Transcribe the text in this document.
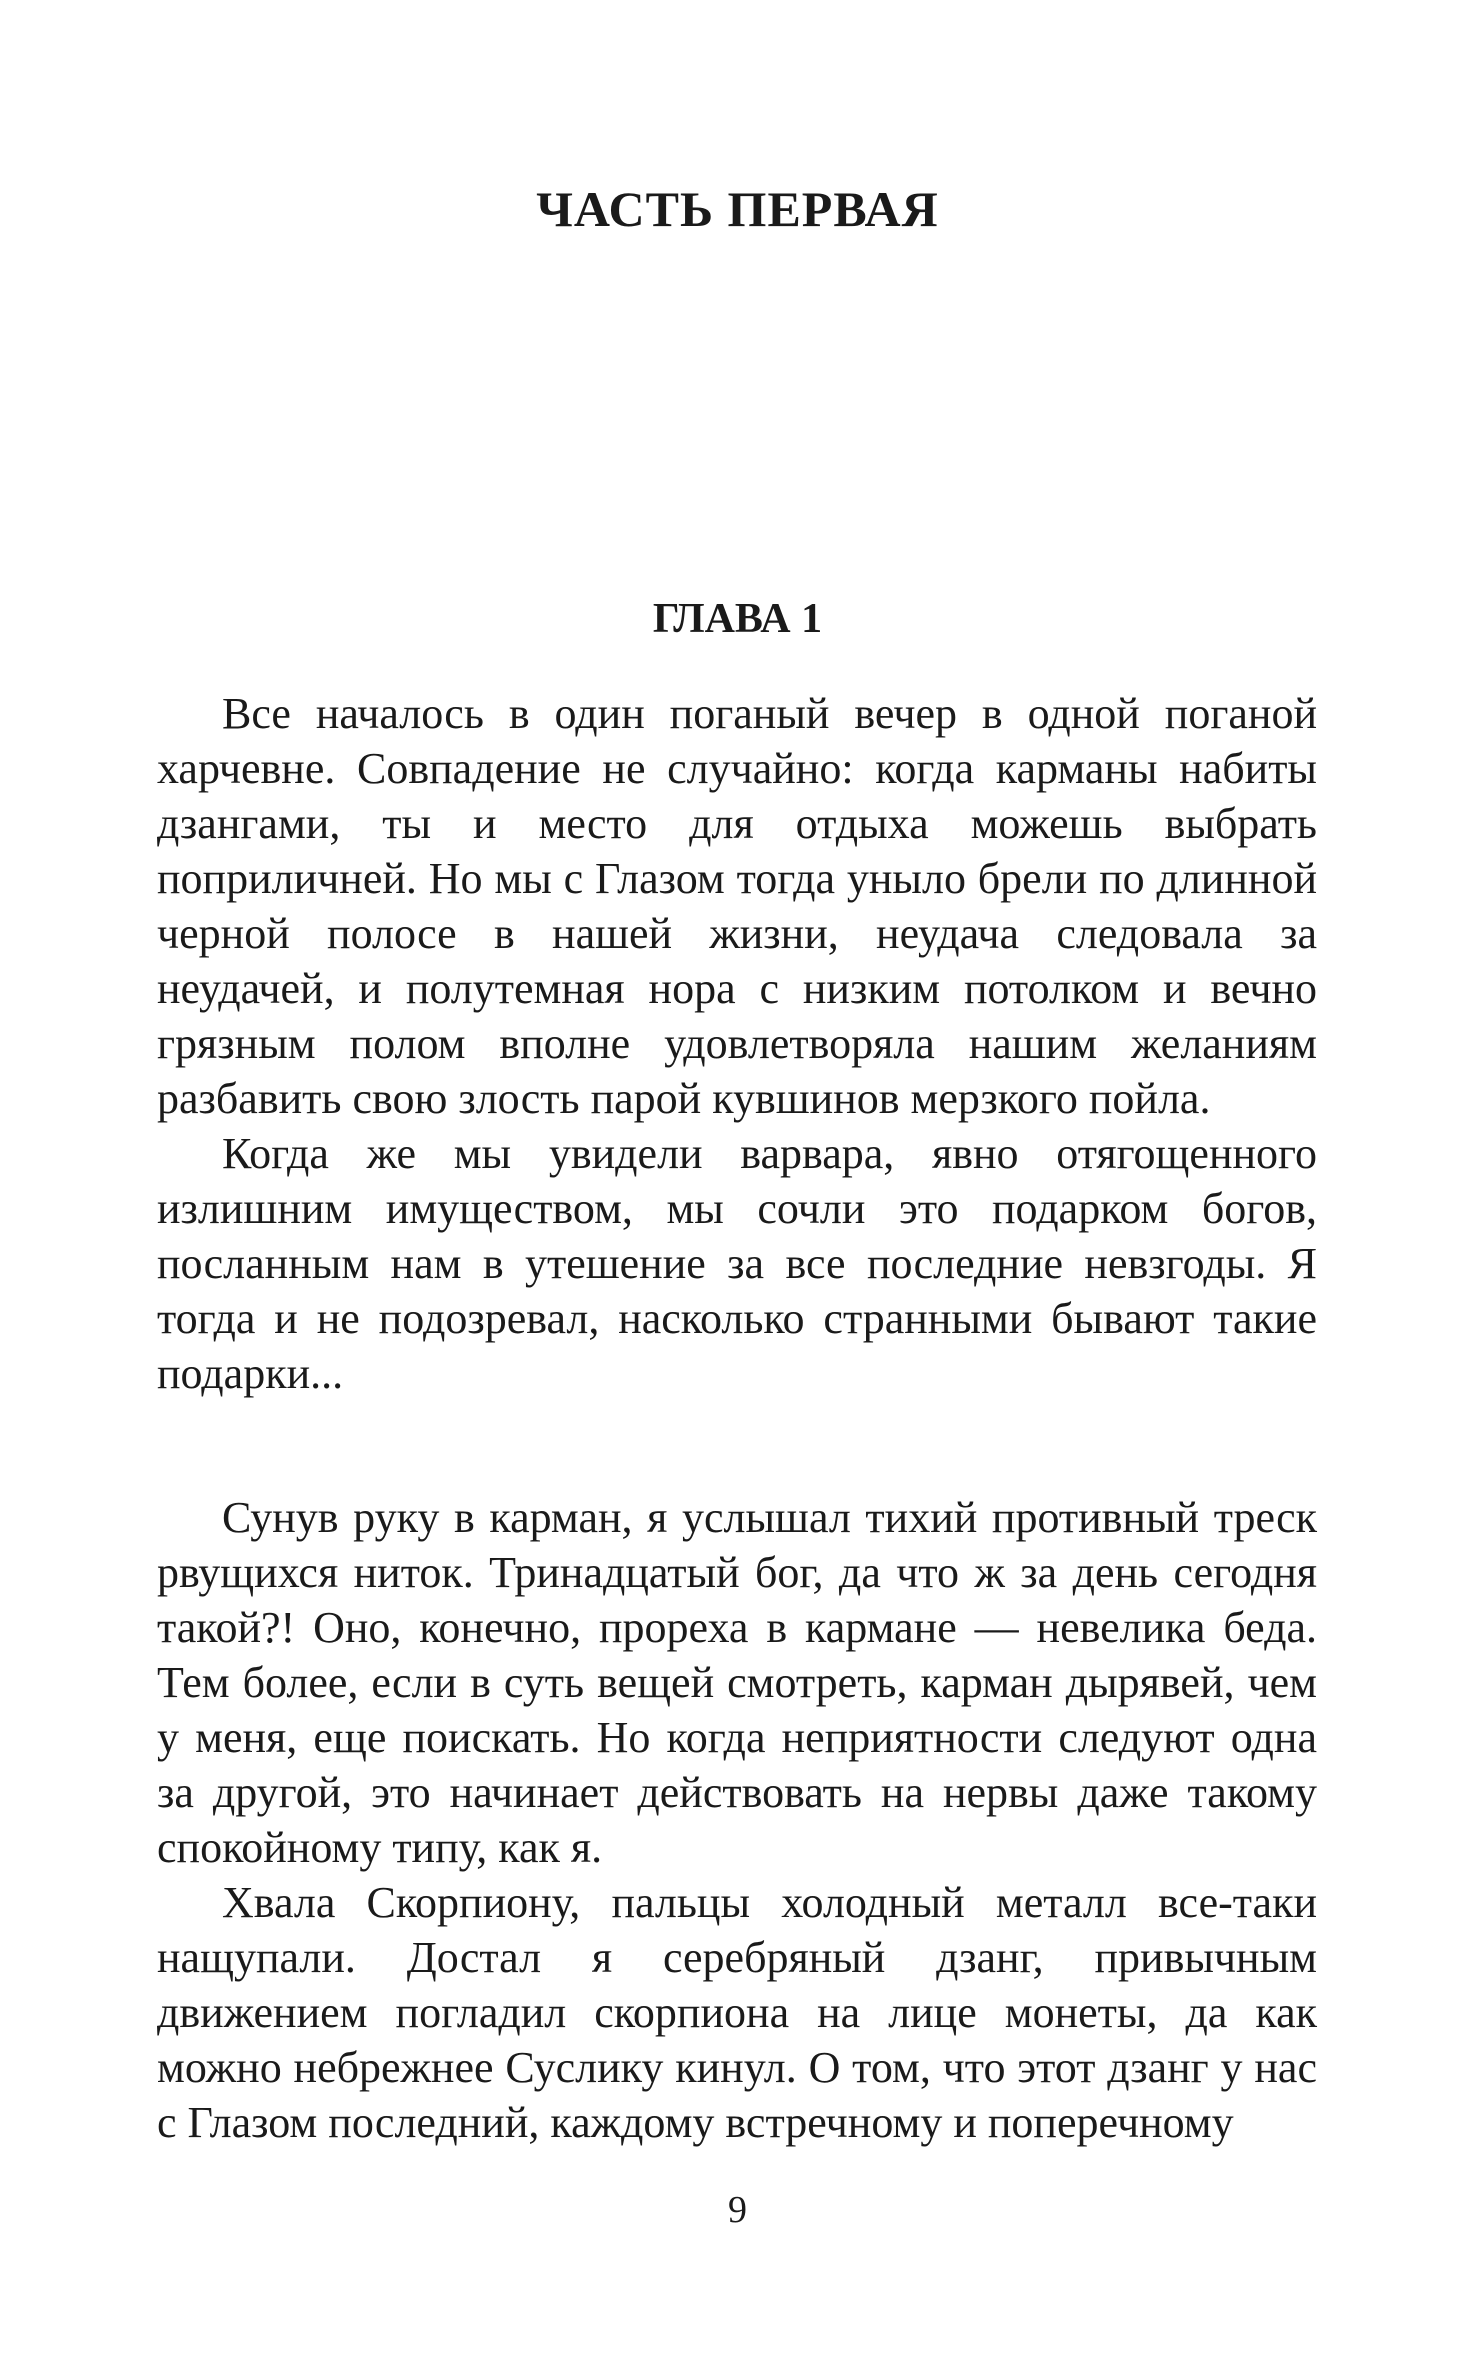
ЧАСТЬ ПЕРВАЯ
ГЛАВА 1

Все началось в один поганый вечер в одной поганой харчевне. Совпадение не случайно: когда карманы набиты дзангами, ты и место для отдыха можешь выбрать поприличней. Но мы с Глазом тогда уныло брели по длинной черной полосе в нашей жизни, неудача следовала за неудачей, и полутемная нора с низким потолком и вечно грязным полом вполне удовлетворяла нашим желаниям разбавить свою злость парой кувшинов мерзкого пойла.

Когда же мы увидели варвара, явно отягощенного излишним имуществом, мы сочли это подарком богов, посланным нам в утешение за все последние невзгоды. Я тогда и не подозревал, насколько странными бывают такие подарки...

Сунув руку в карман, я услышал тихий противный треск рвущихся ниток. Тринадцатый бог, да что ж за день сегодня такой?! Оно, конечно, прореха в кармане — невелика беда. Тем более, если в суть вещей смотреть, карман дырявей, чем у меня, еще поискать. Но когда неприятности следуют одна за другой, это начинает действовать на нервы даже такому спокойному типу, как я.

Хвала Скорпиону, пальцы холодный металл все-таки нащупали. Достал я серебряный дзанг, привычным движением погладил скорпиона на лице монеты, да как можно небрежнее Суслику кинул. О том, что этот дзанг у нас с Глазом последний, каждому встречному и поперечному

9
